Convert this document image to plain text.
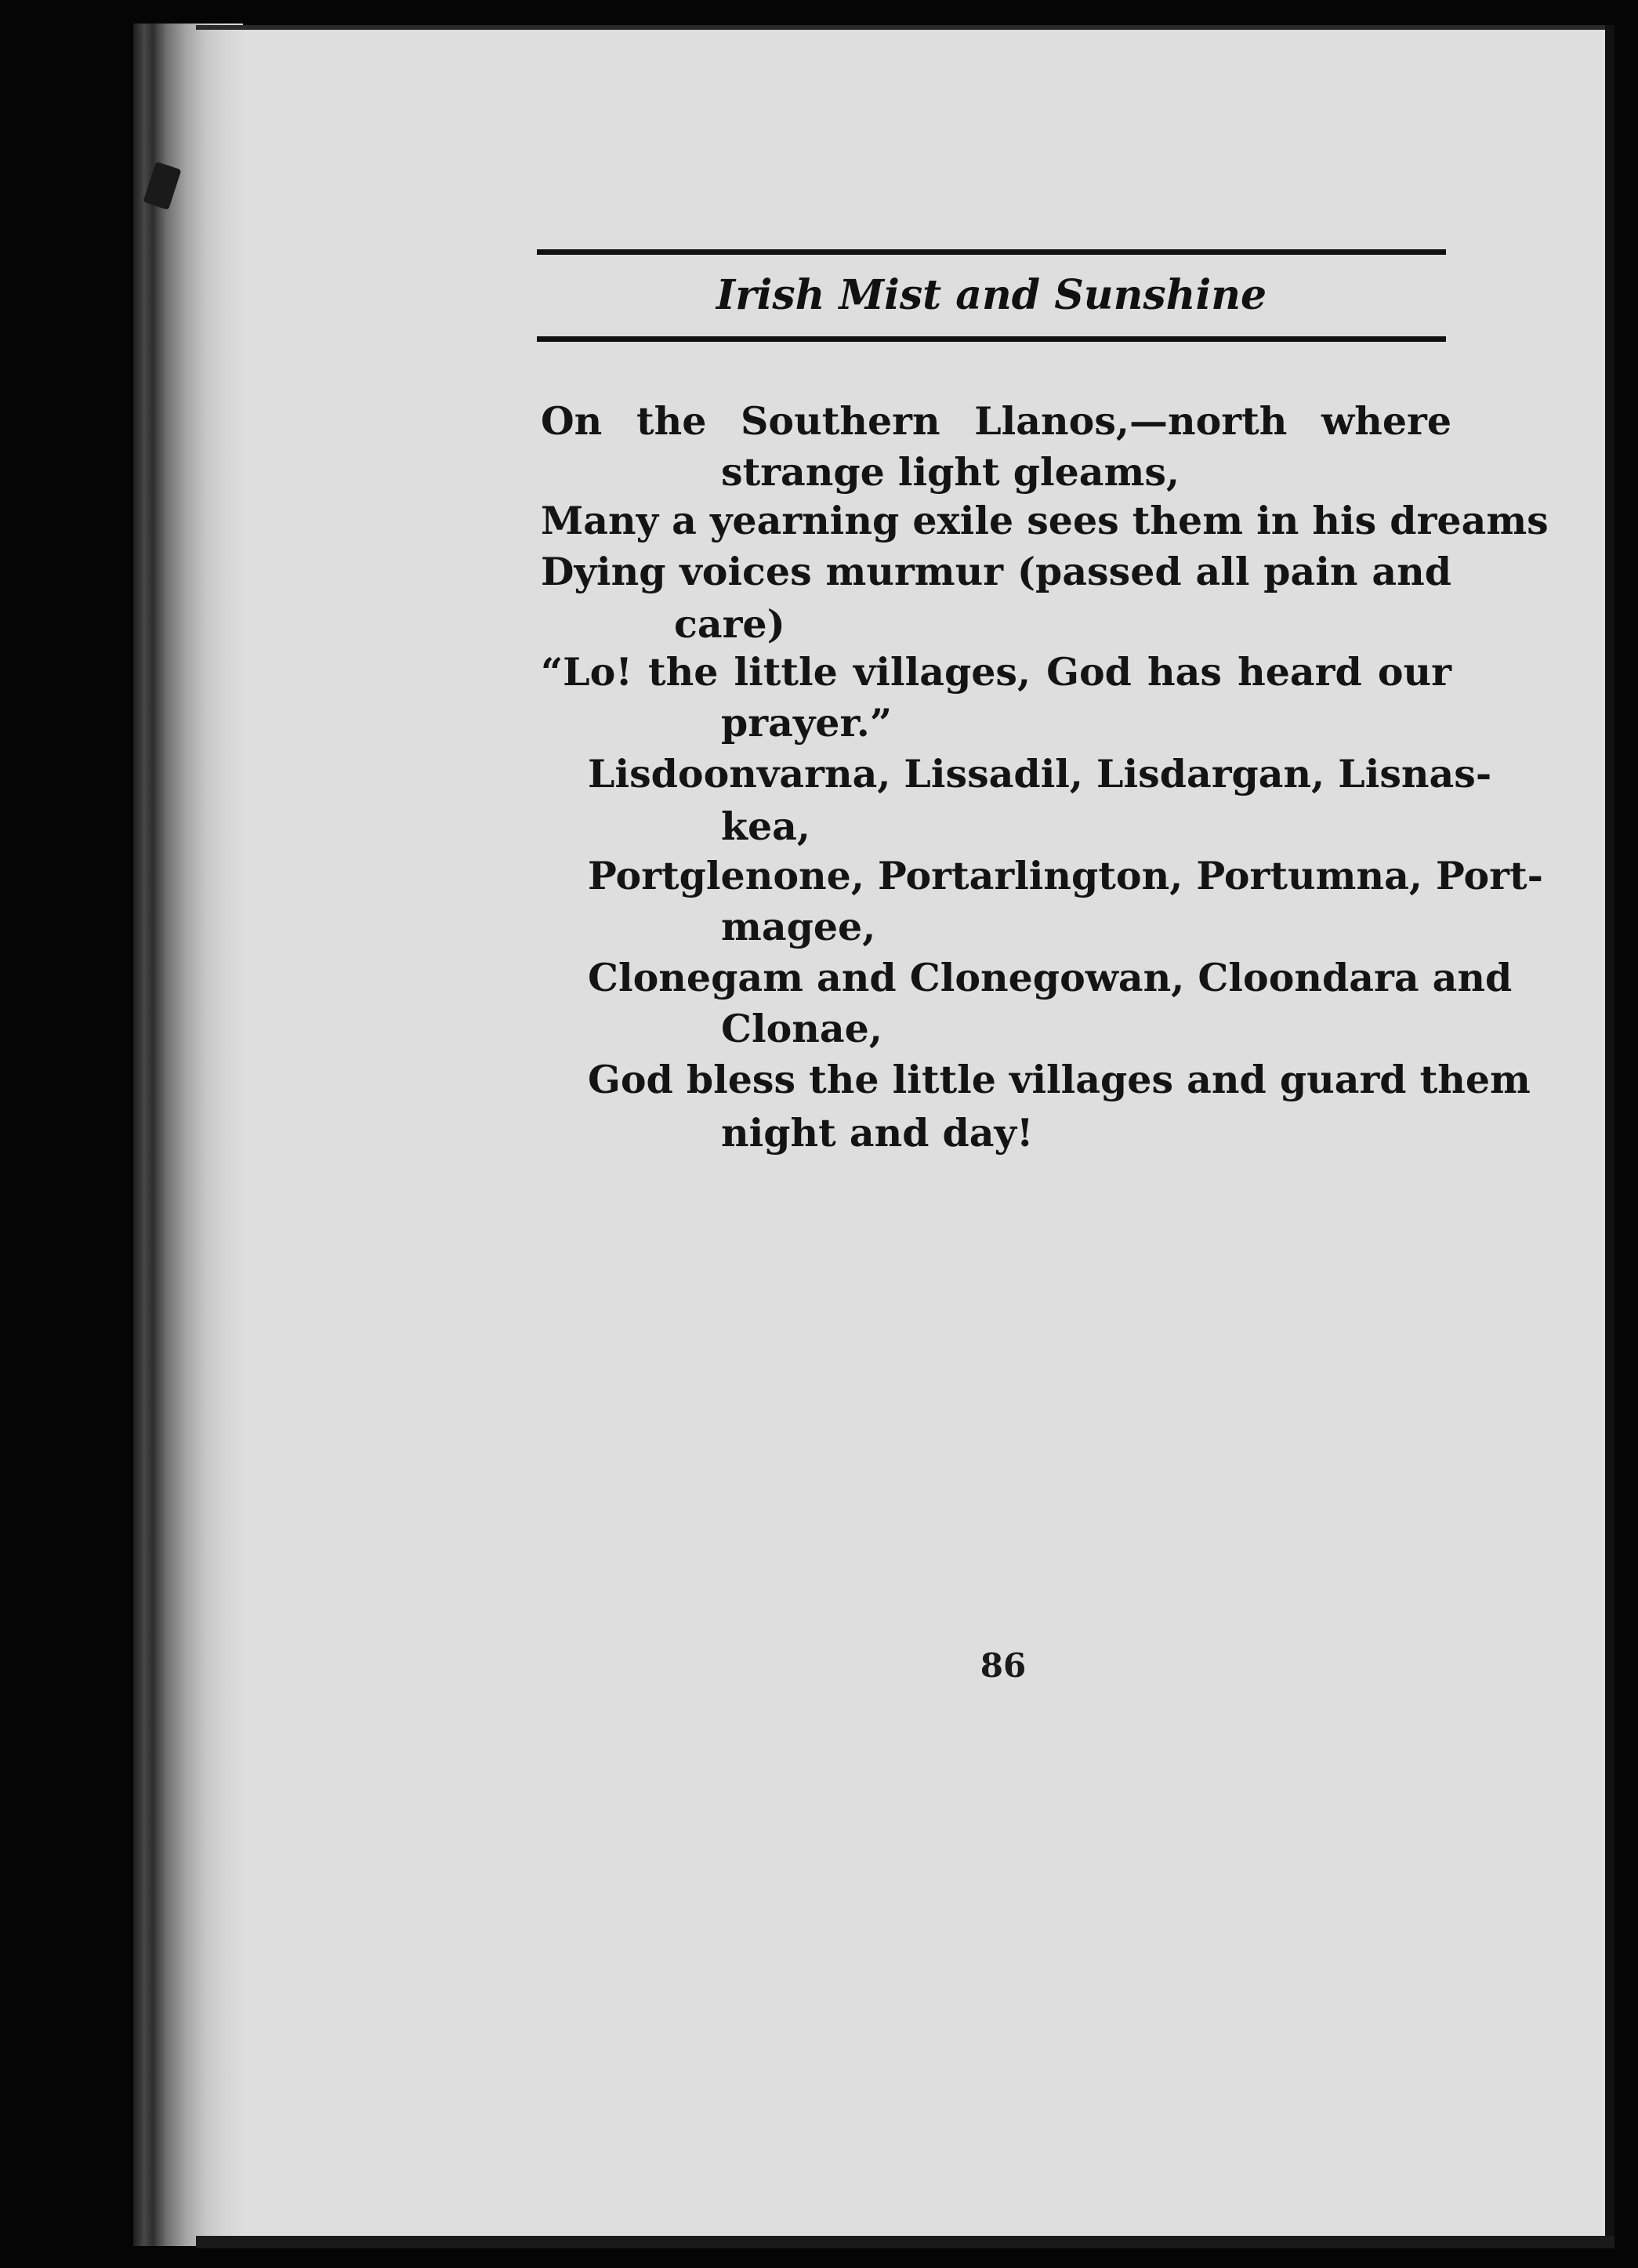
Irish Mist and Sunshine

On the Southern Llanos,—north where

strange light gleams,

Many a yearning exile sees them in his dreams

Dying voices murmur (passed all pain and

care)

“Lo! the little villages, God has heard our

prayer.”

Lisdoonvarna, Lissadil, Lisdargan, Lisnas-

kea,

Portglenone, Portarlington, Portumna, Port-

magee,

Clonegam and Clonegowan, Cloondara and

Clonae,

God bless the little villages and guard them

night and day!

86
